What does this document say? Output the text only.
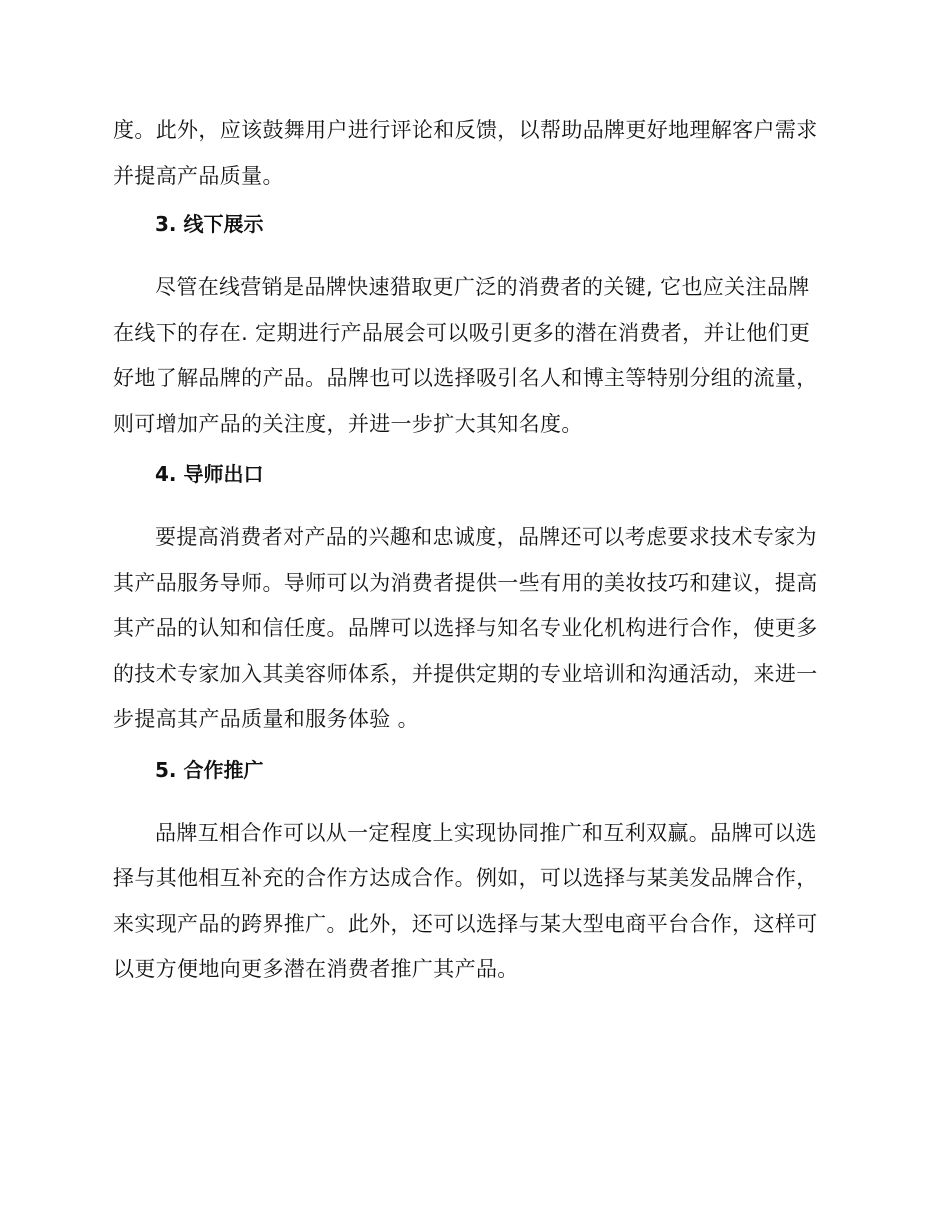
度。此外，应该鼓舞用户进行评论和反馈，以帮助品牌更好地理解客户需求
并提高产品质量。

3. 线下展示

尽管在线营销是品牌快速猎取更广泛的消费者的关键, 它也应关注品牌
在线下的存在. 定期进行产品展会可以吸引更多的潜在消费者，并让他们更
好地了解品牌的产品。品牌也可以选择吸引名人和博主等特别分组的流量，
则可增加产品的关注度，并进一步扩大其知名度。

4. 导师出口

要提高消费者对产品的兴趣和忠诚度，品牌还可以考虑要求技术专家为
其产品服务导师。导师可以为消费者提供一些有用的美妆技巧和建议，提高
其产品的认知和信任度。品牌可以选择与知名专业化机构进行合作，使更多
的技术专家加入其美容师体系，并提供定期的专业培训和沟通活动，来进一
步提高其产品质量和服务体验 。

5. 合作推广

品牌互相合作可以从一定程度上实现协同推广和互利双赢。品牌可以选
择与其他相互补充的合作方达成合作。例如，可以选择与某美发品牌合作，
来实现产品的跨界推广。此外，还可以选择与某大型电商平台合作，这样可
以更方便地向更多潜在消费者推广其产品。
